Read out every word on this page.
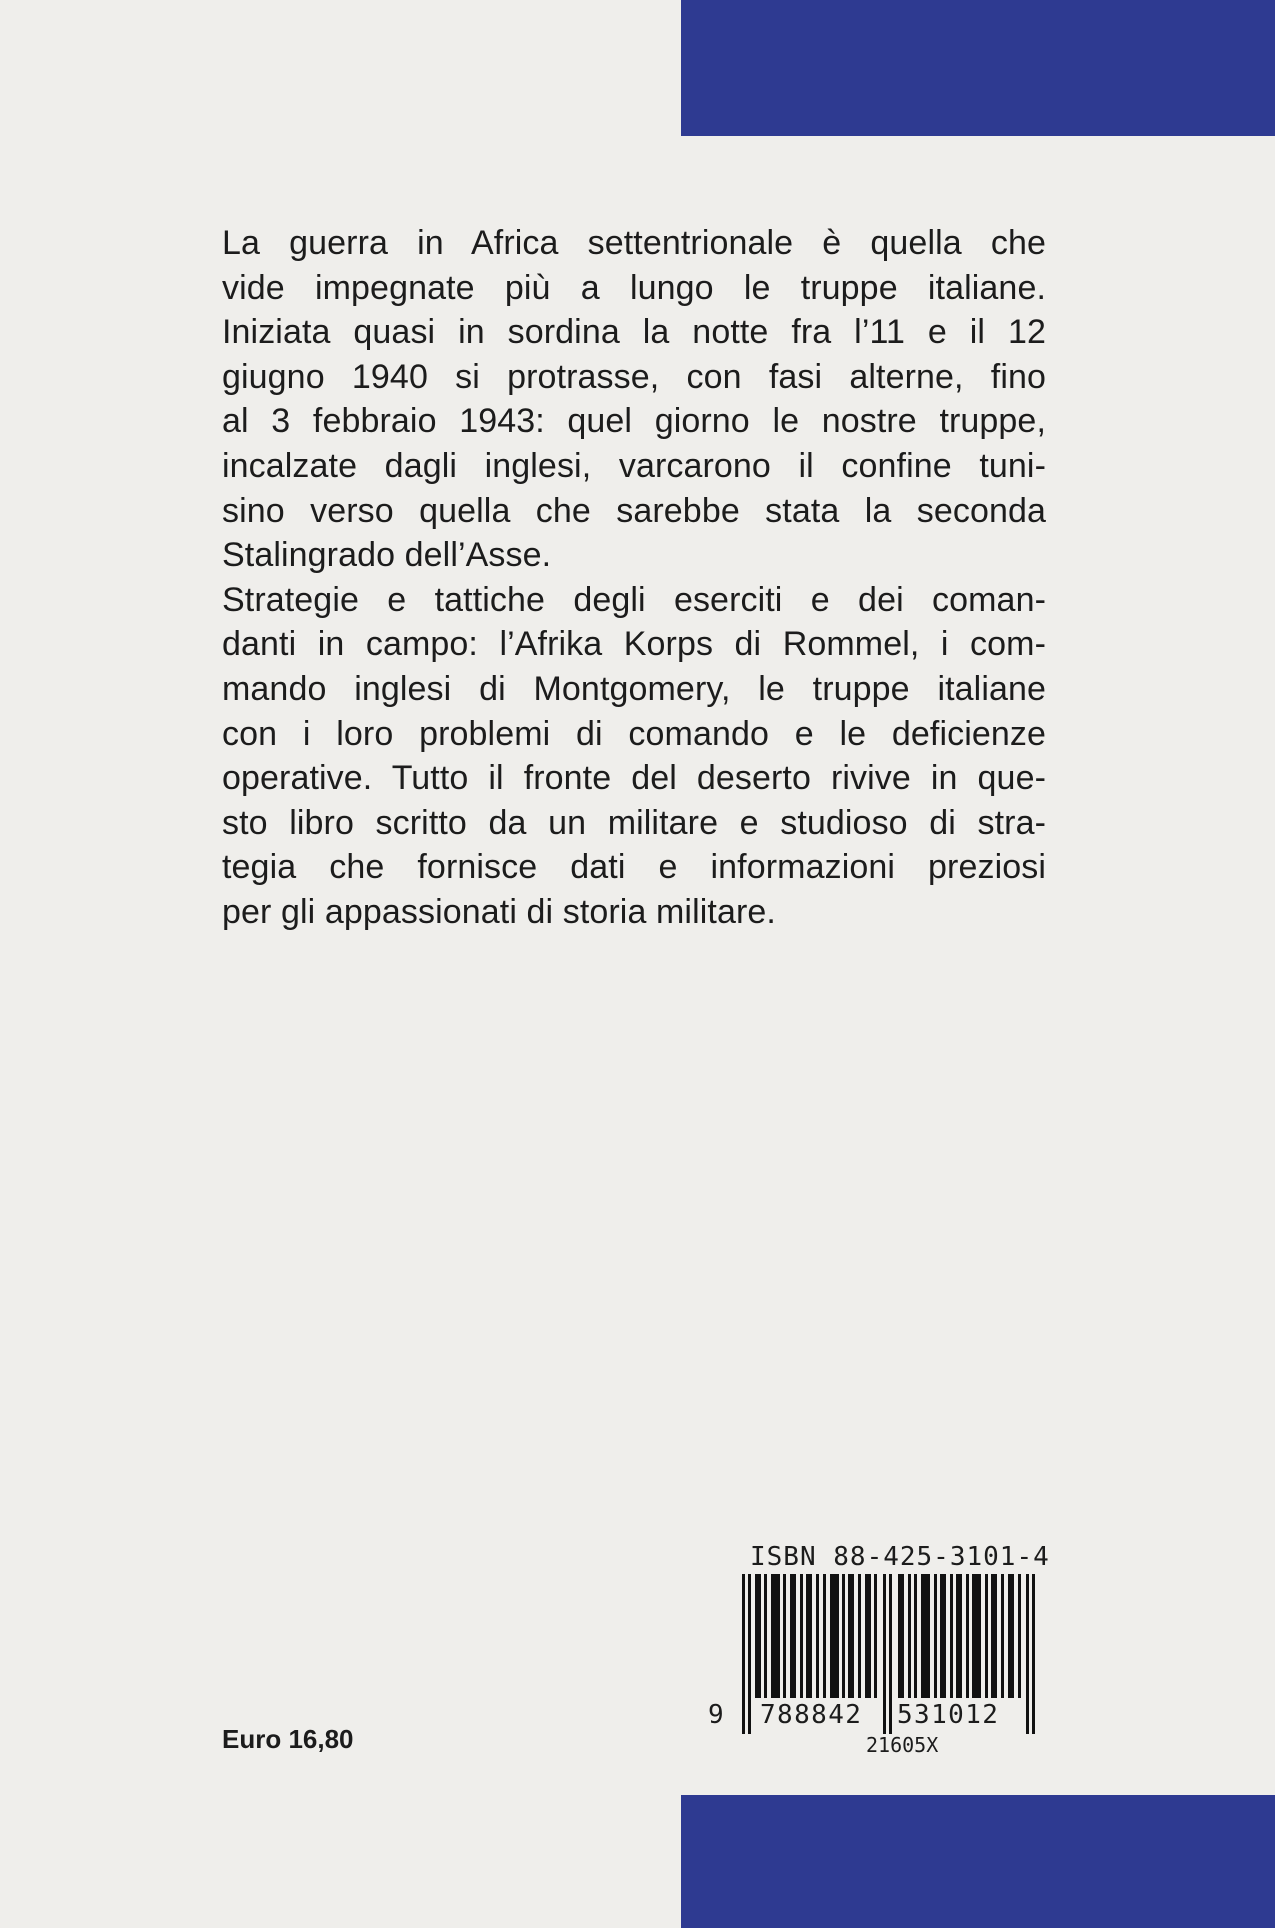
La guerra in Africa settentrionale è quella che
vide impegnate più a lungo le truppe italiane.
Iniziata quasi in sordina la notte fra l’11 e il 12
giugno 1940 si protrasse, con fasi alterne, fino
al 3 febbraio 1943: quel giorno le nostre truppe,
incalzate dagli inglesi, varcarono il confine tuni-
sino verso quella che sarebbe stata la seconda
Stalingrado dell’Asse.
Strategie e tattiche degli eserciti e dei coman-
danti in campo: l’Afrika Korps di Rommel, i com-
mando inglesi di Montgomery, le truppe italiane
con i loro problemi di comando e le deficienze
operative. Tutto il fronte del deserto rivive in que-
sto libro scritto da un militare e studioso di stra-
tegia che fornisce dati e informazioni preziosi
per gli appassionati di storia militare.
ISBN 88-425-3101-4
9 788842 531012
21605X
Euro 16,80
